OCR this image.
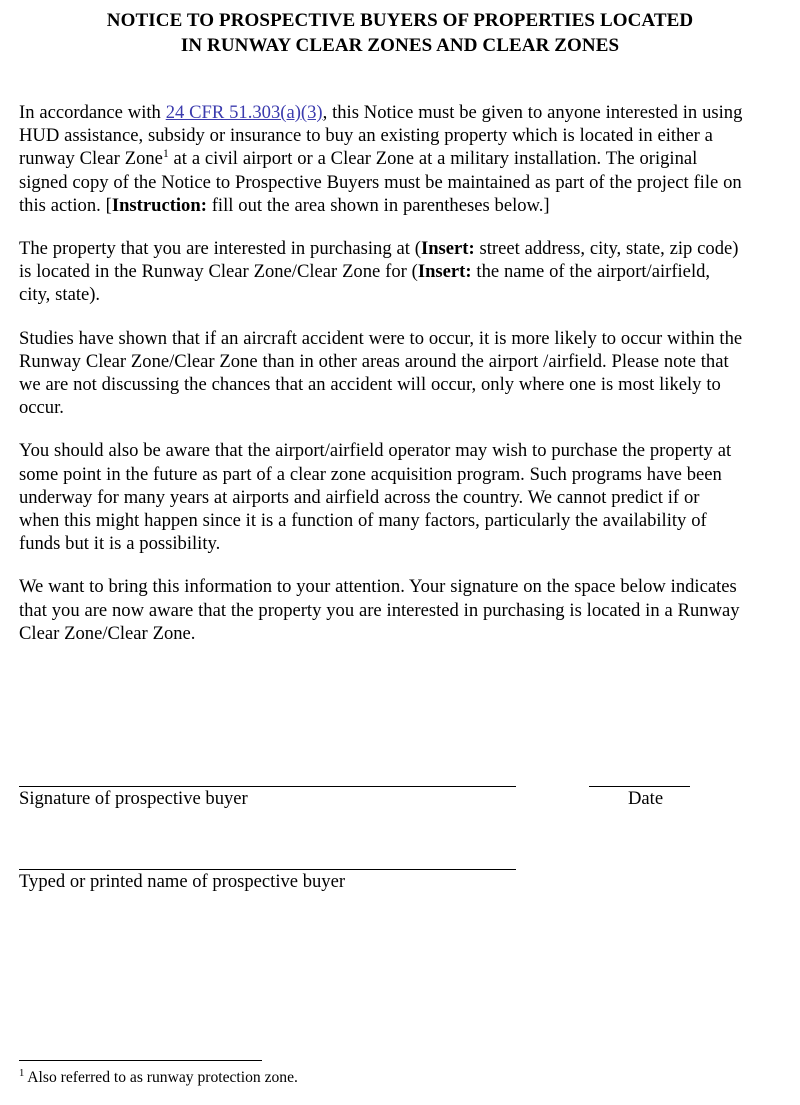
NOTICE TO PROSPECTIVE BUYERS OF PROPERTIES LOCATED
IN RUNWAY CLEAR ZONES AND CLEAR ZONES

In accordance with 24 CFR 51.303(a)(3), this Notice must be given to anyone interested in using HUD assistance, subsidy or insurance to buy an existing property which is located in either a runway Clear Zone$^1$ at a civil airport or a Clear Zone at a military installation. The original signed copy of the Notice to Prospective Buyers must be maintained as part of the project file on this action. [Instruction: fill out the area shown in parentheses below.]

The property that you are interested in purchasing at (Insert: street address, city, state, zip code) is located in the Runway Clear Zone/Clear Zone for (Insert: the name of the airport/airfield, city, state).

Studies have shown that if an aircraft accident were to occur, it is more likely to occur within the Runway Clear Zone/Clear Zone than in other areas around the airport /airfield. Please note that we are not discussing the chances that an accident will occur, only where one is most likely to occur.

You should also be aware that the airport/airfield operator may wish to purchase the property at some point in the future as part of a clear zone acquisition program. Such programs have been underway for many years at airports and airfield across the country. We cannot predict if or when this might happen since it is a function of many factors, particularly the availability of funds but it is a possibility.

We want to bring this information to your attention. Your signature on the space below indicates that you are now aware that the property you are interested in purchasing is located in a Runway Clear Zone/Clear Zone.

Signature of prospective buyer	Date
Typed or printed name of prospective buyer
$^1$ Also referred to as runway protection zone.
